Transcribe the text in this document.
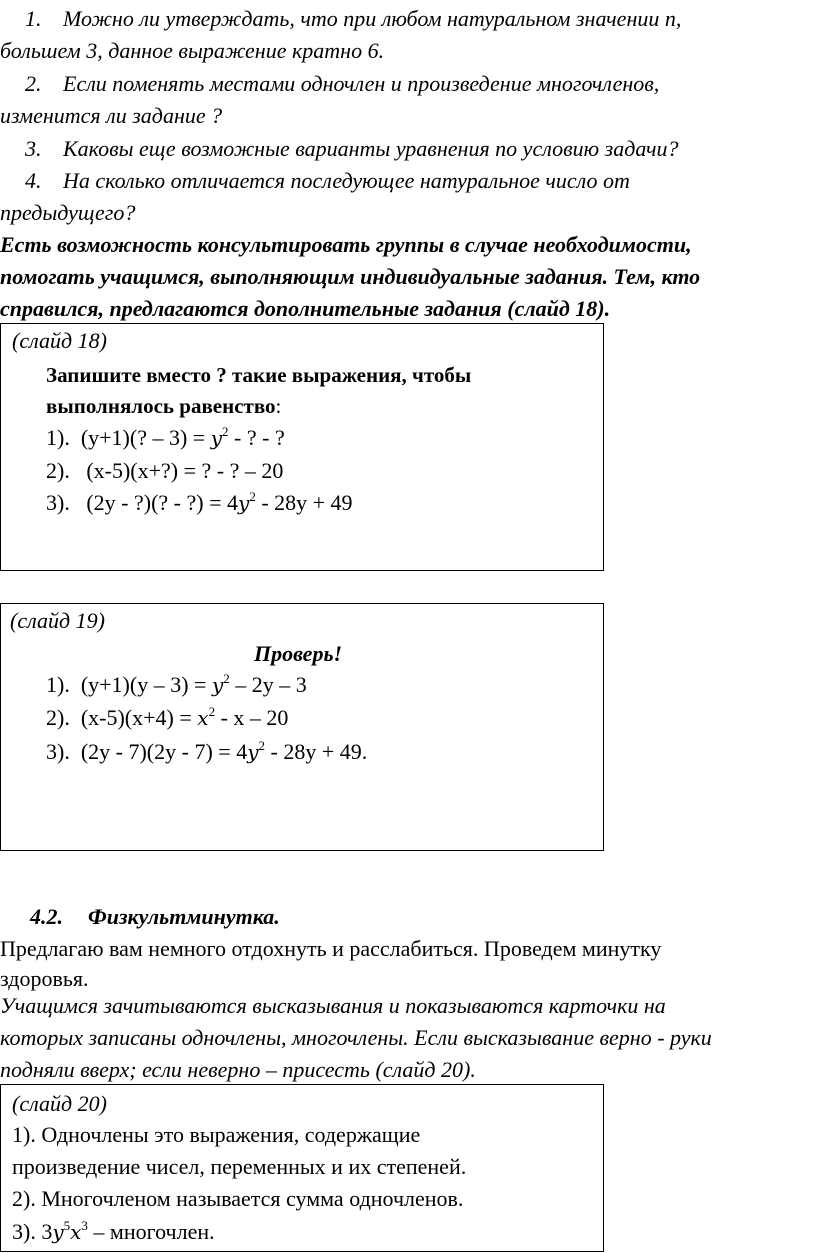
1. Можно ли утверждать, что при любом натуральном значении n,
большем 3, данное выражение кратно 6.
2. Если поменять местами одночлен и произведение многочленов,
изменится ли задание ?
3. Каковы еще возможные варианты уравнения по условию задачи?
4. На сколько отличается последующее натуральное число от
предыдущего?
Есть возможность консультировать группы в случае необходимости,
помогать учащимся, выполняющим индивидуальные задания. Тем, кто
справился, предлагаются дополнительные задания (слайд 18).
(слайд 18)
Запишите вместо ? такие выражения, чтобы
выполнялось равенство:
1). (y+1)(? – $3) = y^2$ - ? - ?
2). (x-5)(x+?) = ? - ? – 20
3). (2y - ?)(? - ?) = $4y^2 - 28y + 49$
(слайд 19)
Проверь!
1). $(y+1)(y - 3) = y^2 - 2y - 3$
2). $(x-5)(x+4) = x^2 - x - 20$
3). $(2y - 7)(2y - 7) = 4y^2 - 28y + 49$.
4.2. Физкультминутка.
Предлагаю вам немного отдохнуть и расслабиться. Проведем минутку
здоровья.
Учащимся зачитываются высказывания и показываются карточки на
которых записаны одночлены, многочлены. Если высказывание верно - руки
подняли вверх; если неверно – присесть (слайд 20).
(слайд 20)
1). Одночлены это выражения, содержащие
произведение чисел, переменных и их степеней.
2). Многочленом называется сумма одночленов.
3). $3y^5x^3$ – многочлен.
